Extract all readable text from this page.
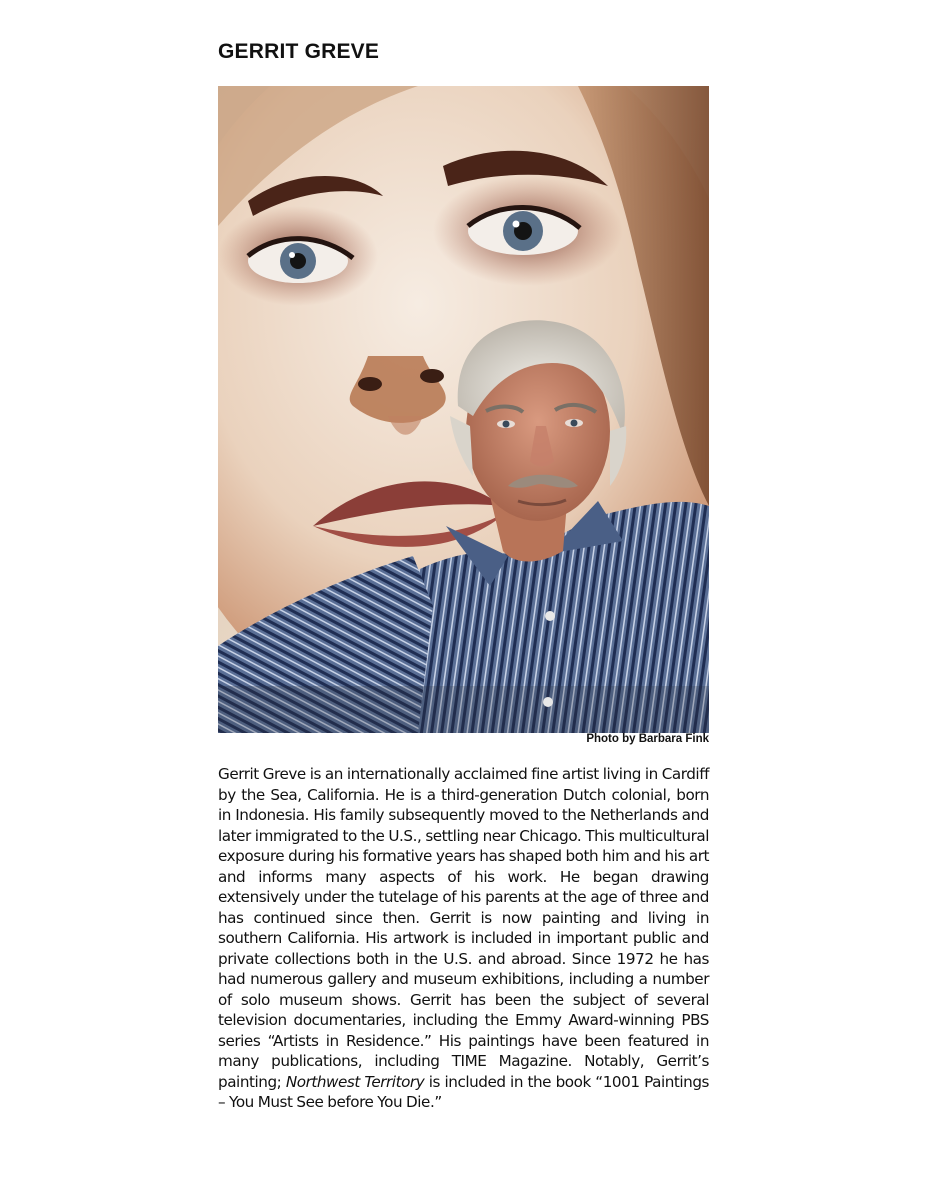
GERRIT GREVE
Photo by Barbara Fink

Gerrit Greve is an internationally acclaimed fine artist living in Cardiff by the Sea, California. He is a third-generation Dutch colonial, born in Indonesia. His family subsequently moved to the Netherlands and later immigrated to the U.S., settling near Chicago. This multicultural exposure during his formative years has shaped both him and his art and informs many aspects of his work. He began drawing extensively under the tutelage of his parents at the age of three and has continued since then. Gerrit is now painting and living in southern California. His artwork is included in important public and private collections both in the U.S. and abroad. Since 1972 he has had numerous gallery and museum exhibitions, including a number of solo museum shows. Gerrit has been the subject of several television documentaries, including the Emmy Award-winning PBS series “Artists in Residence.” His paintings have been featured in many publications, including TIME Magazine. Notably, Gerrit’s painting; Northwest Territory is included in the book “1001 Paintings – You Must See before You Die.”
